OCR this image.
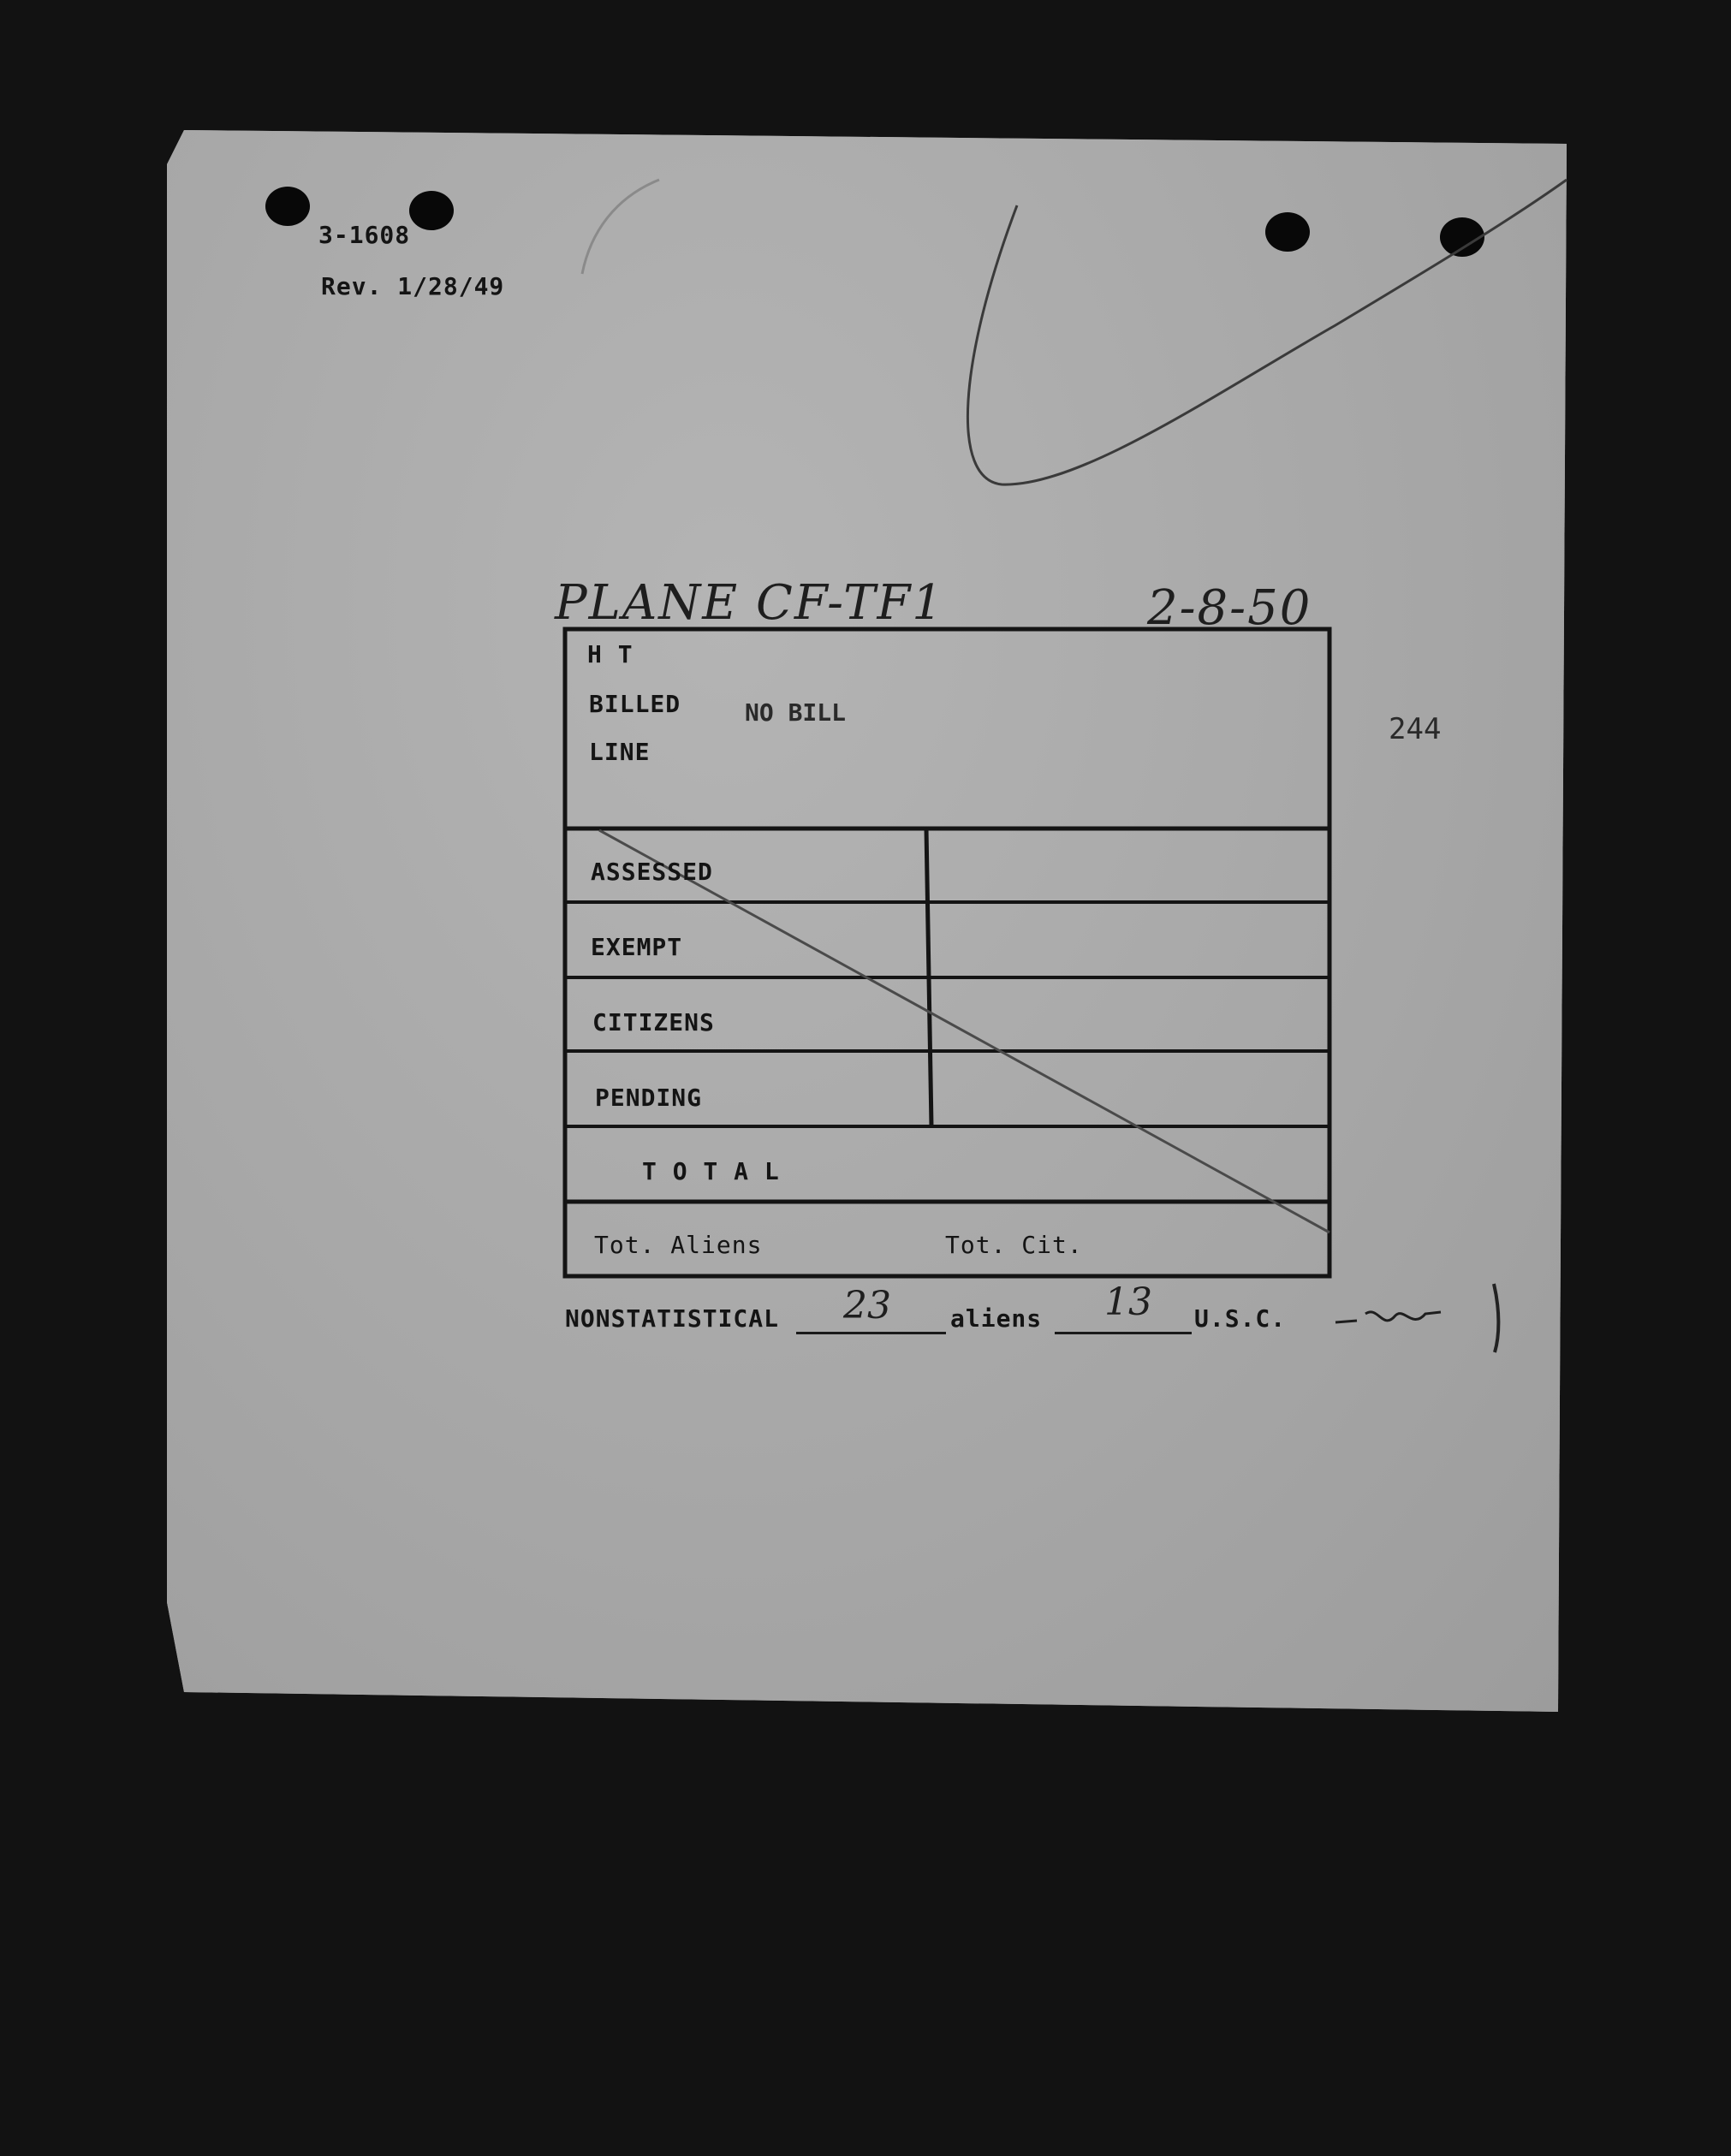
3-1608
Rev. 1/28/49
PLANE CF-TF1	2-8-50
244
H T
BILLED
LINE
NO BILL
ASSESSED
EXEMPT
CITIZENS
PENDING
T O T A L
Tot. Aliens	Tot. Cit.
NONSTATISTICAL 23 aliens 13 U.S.C.
